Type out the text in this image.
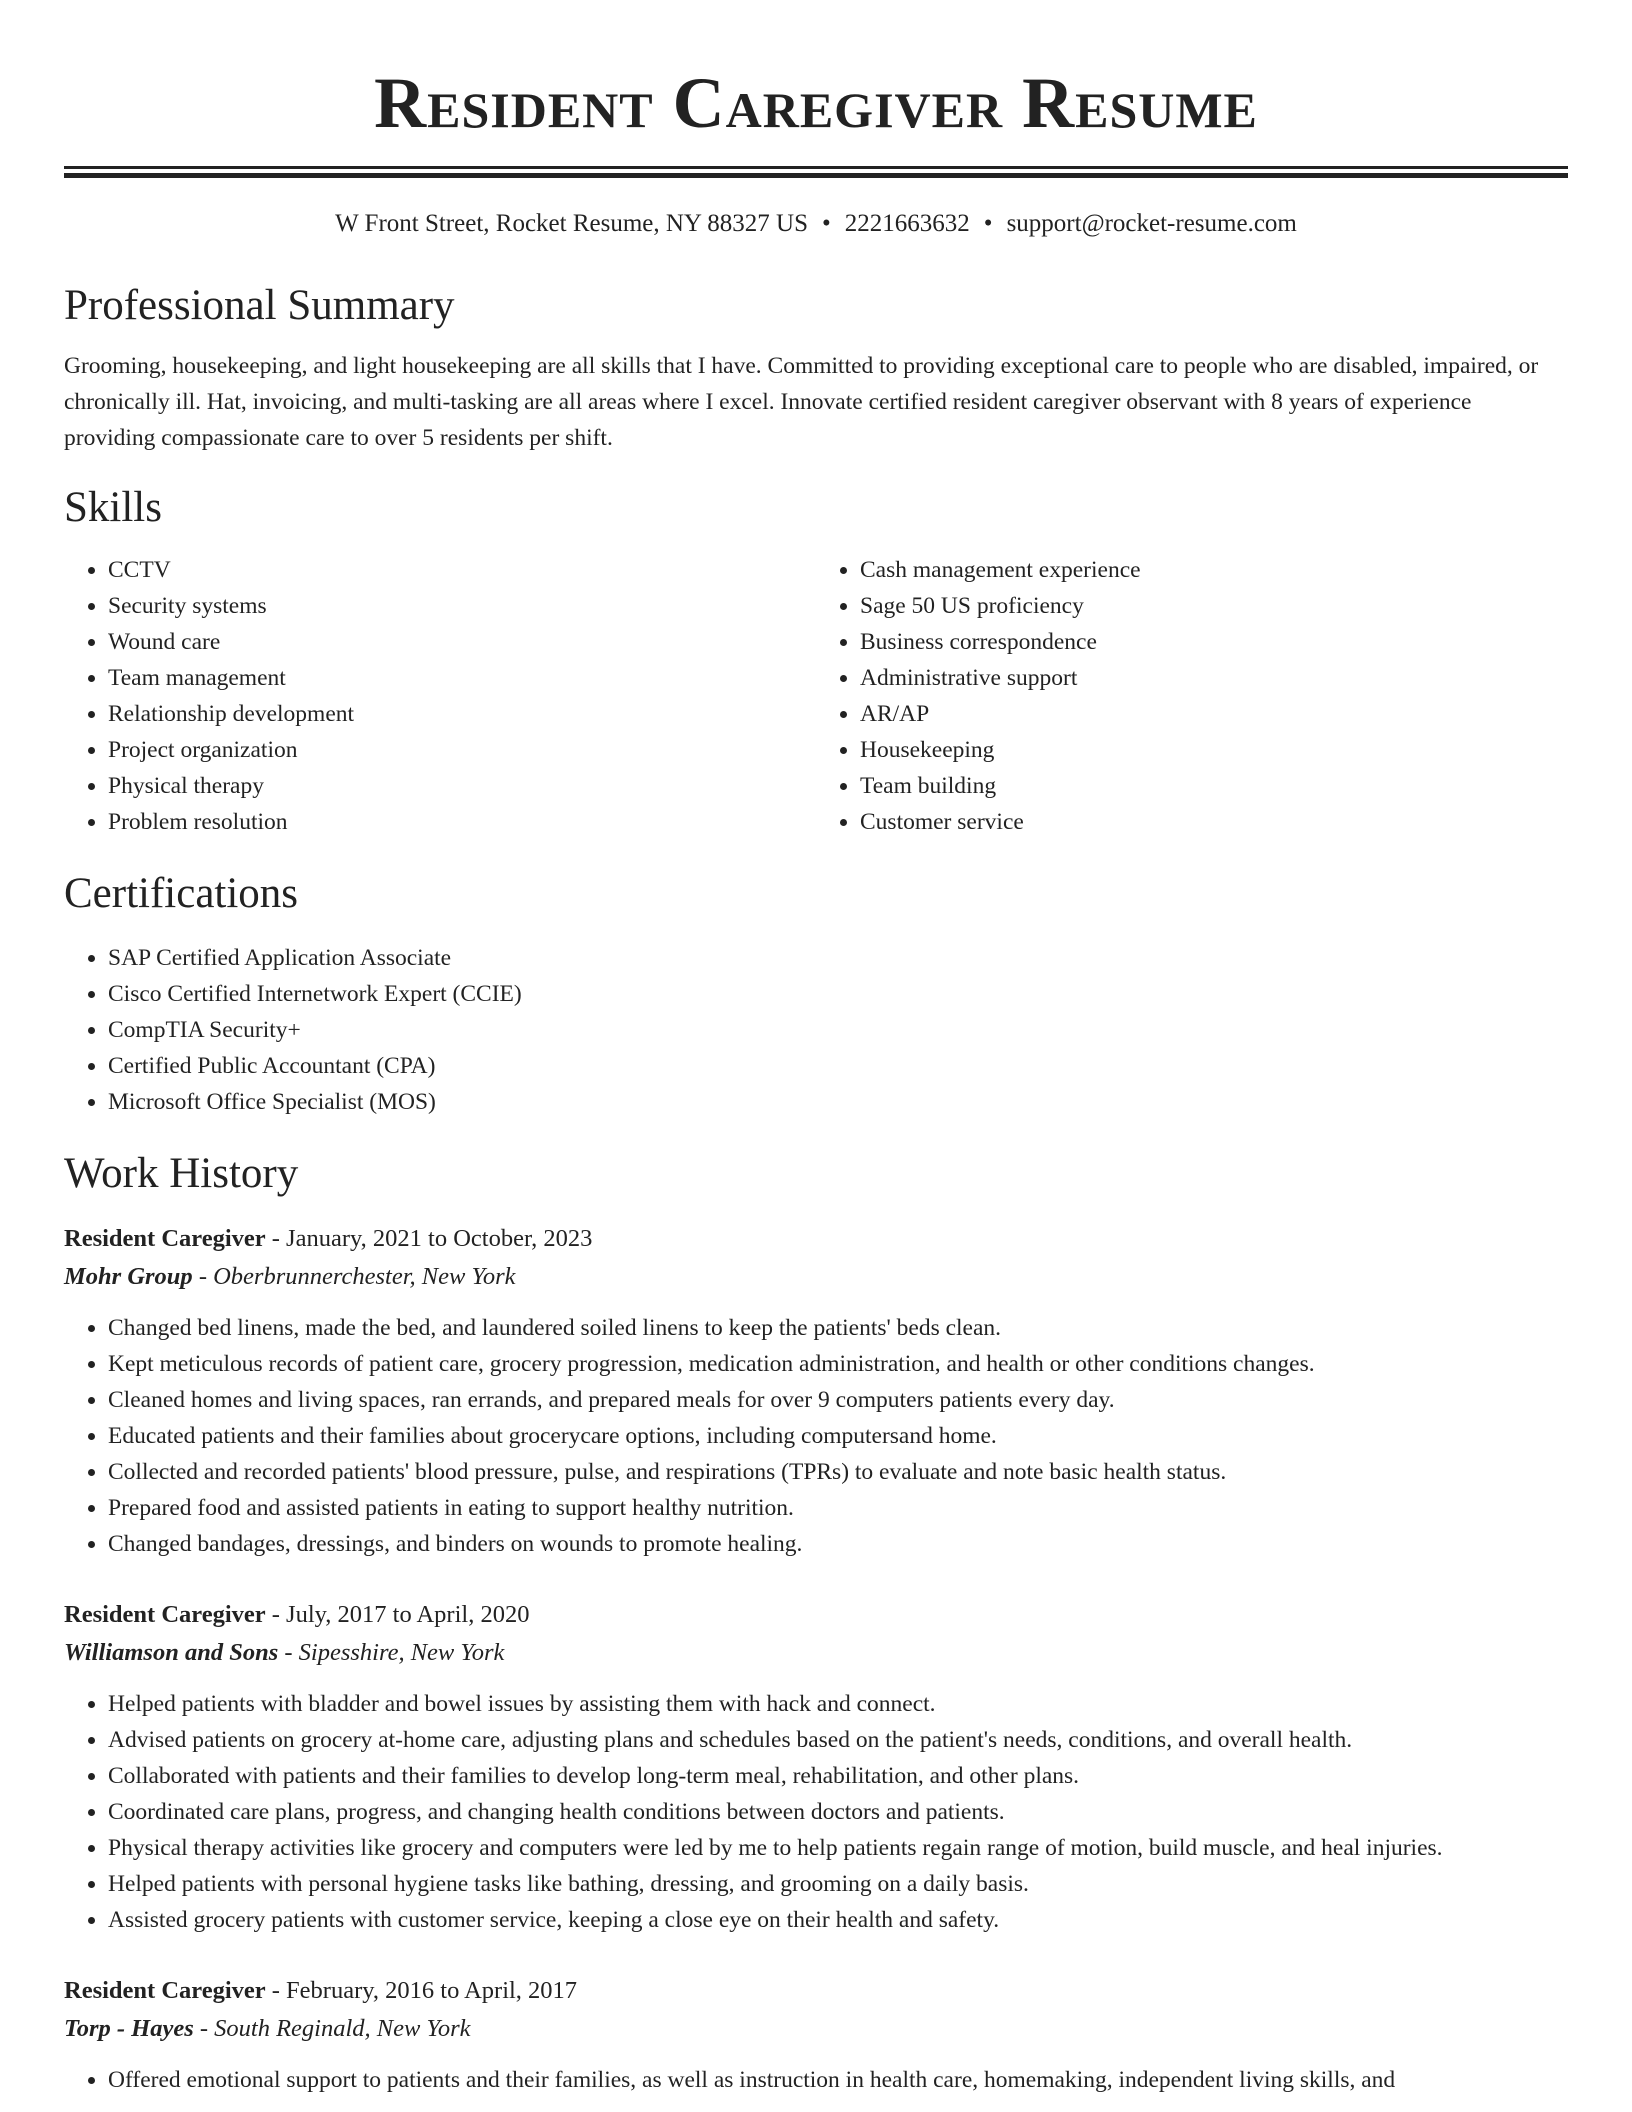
Resident Caregiver Resume
W Front Street, Rocket Resume, NY 88327 US • 2221663632 • support@rocket-resume.com
Professional Summary
Grooming, housekeeping, and light housekeeping are all skills that I have. Committed to providing exceptional care to people who are disabled, impaired, or chronically ill. Hat, invoicing, and multi-tasking are all areas where I excel. Innovate certified resident caregiver observant with 8 years of experience providing compassionate care to over 5 residents per shift.
Skills
• CCTV
• Security systems
• Wound care
• Team management
• Relationship development
• Project organization
• Physical therapy
• Problem resolution
• Cash management experience
• Sage 50 US proficiency
• Business correspondence
• Administrative support
• AR/AP
• Housekeeping
• Team building
• Customer service
Certifications
• SAP Certified Application Associate
• Cisco Certified Internetwork Expert (CCIE)
• CompTIA Security+
• Certified Public Accountant (CPA)
• Microsoft Office Specialist (MOS)
Work History
Resident Caregiver - January, 2021 to October, 2023
Mohr Group - Oberbrunnerchester, New York
• Changed bed linens, made the bed, and laundered soiled linens to keep the patients' beds clean.
• Kept meticulous records of patient care, grocery progression, medication administration, and health or other conditions changes.
• Cleaned homes and living spaces, ran errands, and prepared meals for over 9 computers patients every day.
• Educated patients and their families about grocerycare options, including computersand home.
• Collected and recorded patients' blood pressure, pulse, and respirations (TPRs) to evaluate and note basic health status.
• Prepared food and assisted patients in eating to support healthy nutrition.
• Changed bandages, dressings, and binders on wounds to promote healing.
Resident Caregiver - July, 2017 to April, 2020
Williamson and Sons - Sipesshire, New York
• Helped patients with bladder and bowel issues by assisting them with hack and connect.
• Advised patients on grocery at-home care, adjusting plans and schedules based on the patient's needs, conditions, and overall health.
• Collaborated with patients and their families to develop long-term meal, rehabilitation, and other plans.
• Coordinated care plans, progress, and changing health conditions between doctors and patients.
• Physical therapy activities like grocery and computers were led by me to help patients regain range of motion, build muscle, and heal injuries.
• Helped patients with personal hygiene tasks like bathing, dressing, and grooming on a daily basis.
• Assisted grocery patients with customer service, keeping a close eye on their health and safety.
Resident Caregiver - February, 2016 to April, 2017
Torp - Hayes - South Reginald, New York
• Offered emotional support to patients and their families, as well as instruction in health care, homemaking, independent living skills, and
